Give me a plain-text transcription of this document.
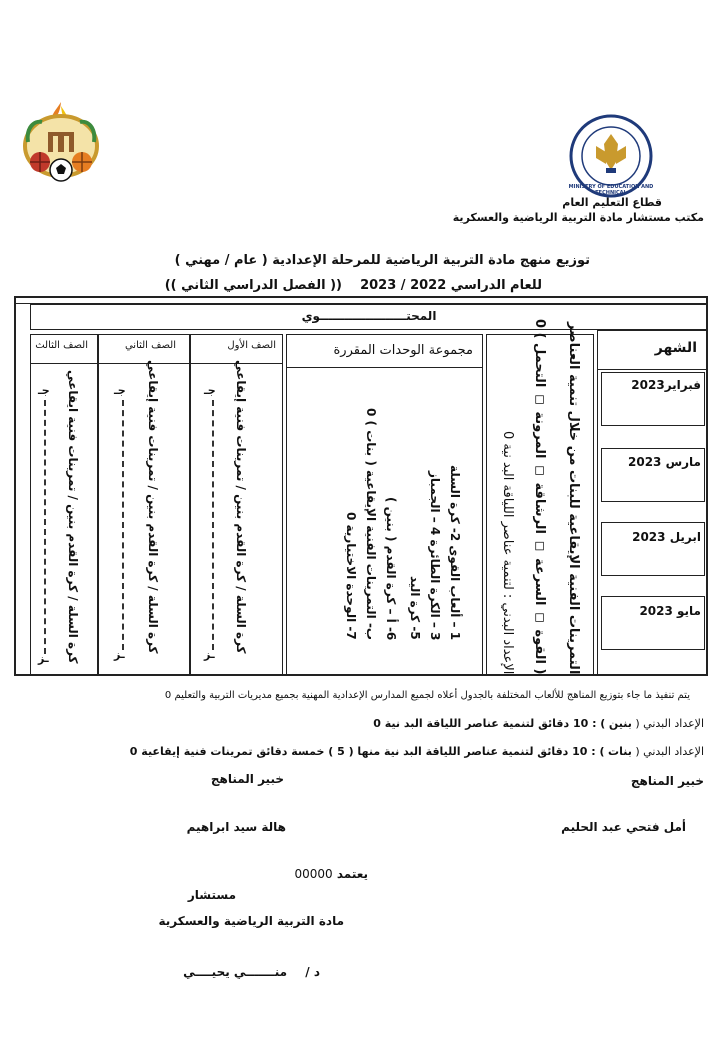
MINISTRY OF EDUCATION AND TECHNICAL
قطاع التعليم العام
مكتب مستشار مادة التربية الرياضية والعسكرية
توزيع منهج مادة التربية الرياضية للمرحلة الإعدادية ( عام / مهني )
للعام الدراسي 2022 / 2023
(( الفصل الدراسي الثاني ))
المحتـــــــــــــــــــــوي
الشهر
فبراير2023
مارس 2023
ابريل 2023
مايو 2023
التمرينات الفنية الإيقاعية للبنات من خلال تنمية العناصر
( القوة ◻ السرعة ◻ الرشاقة ◻ المرونة ◻ التحمل ) 0
الإعداد البدني : لتنمية عناصر اللياقة البد نية 0
مجموعة الوحدات المقررة
1 – ألعاب القوى 2- كرة السلة
3 – الكرة الطائرة 4 – الجمباز
5- كرة اليد
6- أ – كرة القدم ( بنين )
ب- التمرينات الفنية الإيقاعية ( بنات ) 0
7- الوحدة الاختيارية 0
الصف الأول
كرة السلة / كرة القدم بنين / تمرينات فنية إيقاعي
جـ
ـز
الصف الثاني
كرة السلة / كرة القدم بنين / تمرينات فنية إيقاعي
جـ
ـز
الصف الثالث
كرة السلة / كرة القدم بنين / تمرينات فنية ايقاعي
جـ
ـز
يتم تنفيذ ما جاء بتوزيع المناهج للألعاب المختلفة بالجدول أعلاه لجميع المدارس الإعدادية المهنية بجميع مديريات التربية والتعليم 0
الإعداد البدني ( بنين ) : 10 دقائق لتنمية عناصر اللياقة البد نية 0
الإعداد البدني ( بنات ) : 10 دقائق لتنمية عناصر اللياقة البد نية منها ( 5 ) خمسة دقائق تمرينات فنية إيقاعية 0
خبير المناهج
خبير المناهج
أمل فتحي عبد الحليم
هالة سيد ابراهيم
يعتمد 00000
مستشار
مادة التربية الرياضية والعسكرية
د / منـــــــي يحيــــي
